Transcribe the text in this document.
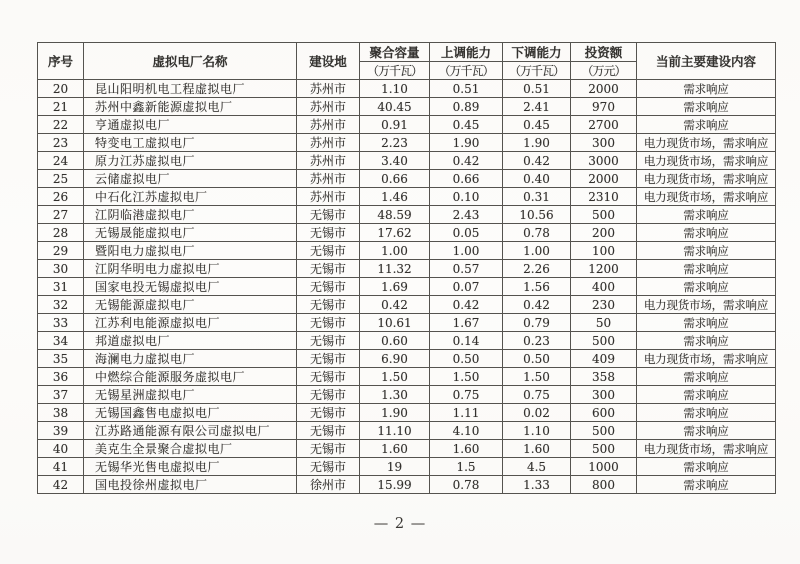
序号	虚拟电厂名称	建设地	聚合容量	上调能力	下调能力	投资额	当前主要建设内容
			（万千瓦）	（万千瓦）	（万千瓦）	（万元）	
20	昆山阳明机电工程虚拟电厂	苏州市	1.10	0.51	0.51	2000	需求响应
21	苏州中鑫新能源虚拟电厂	苏州市	40.45	0.89	2.41	970	需求响应
22	亨通虚拟电厂	苏州市	0.91	0.45	0.45	2700	需求响应
23	特变电工虚拟电厂	苏州市	2.23	1.90	1.90	300	电力现货市场，需求响应
24	原力江苏虚拟电厂	苏州市	3.40	0.42	0.42	3000	电力现货市场，需求响应
25	云储虚拟电厂	苏州市	0.66	0.66	0.40	2000	电力现货市场，需求响应
26	中石化江苏虚拟电厂	苏州市	1.46	0.10	0.31	2310	电力现货市场，需求响应
27	江阴临港虚拟电厂	无锡市	48.59	2.43	10.56	500	需求响应
28	无锡晟能虚拟电厂	无锡市	17.62	0.05	0.78	200	需求响应
29	暨阳电力虚拟电厂	无锡市	1.00	1.00	1.00	100	需求响应
30	江阴华明电力虚拟电厂	无锡市	11.32	0.57	2.26	1200	需求响应
31	国家电投无锡虚拟电厂	无锡市	1.69	0.07	1.56	400	需求响应
32	无锡能源虚拟电厂	无锡市	0.42	0.42	0.42	230	电力现货市场，需求响应
33	江苏利电能源虚拟电厂	无锡市	10.61	1.67	0.79	50	需求响应
34	邦道虚拟电厂	无锡市	0.60	0.14	0.23	500	需求响应
35	海澜电力虚拟电厂	无锡市	6.90	0.50	0.50	409	电力现货市场，需求响应
36	中燃综合能源服务虚拟电厂	无锡市	1.50	1.50	1.50	358	需求响应
37	无锡星洲虚拟电厂	无锡市	1.30	0.75	0.75	300	需求响应
38	无锡国鑫售电虚拟电厂	无锡市	1.90	1.11	0.02	600	需求响应
39	江苏路通能源有限公司虚拟电厂	无锡市	11.10	4.10	1.10	500	需求响应
40	美克生全景聚合虚拟电厂	无锡市	1.60	1.60	1.60	500	电力现货市场，需求响应
41	无锡华光售电虚拟电厂	无锡市	19	1.5	4.5	1000	需求响应
42	国电投徐州虚拟电厂	徐州市	15.99	0.78	1.33	800	需求响应
— 2 —
